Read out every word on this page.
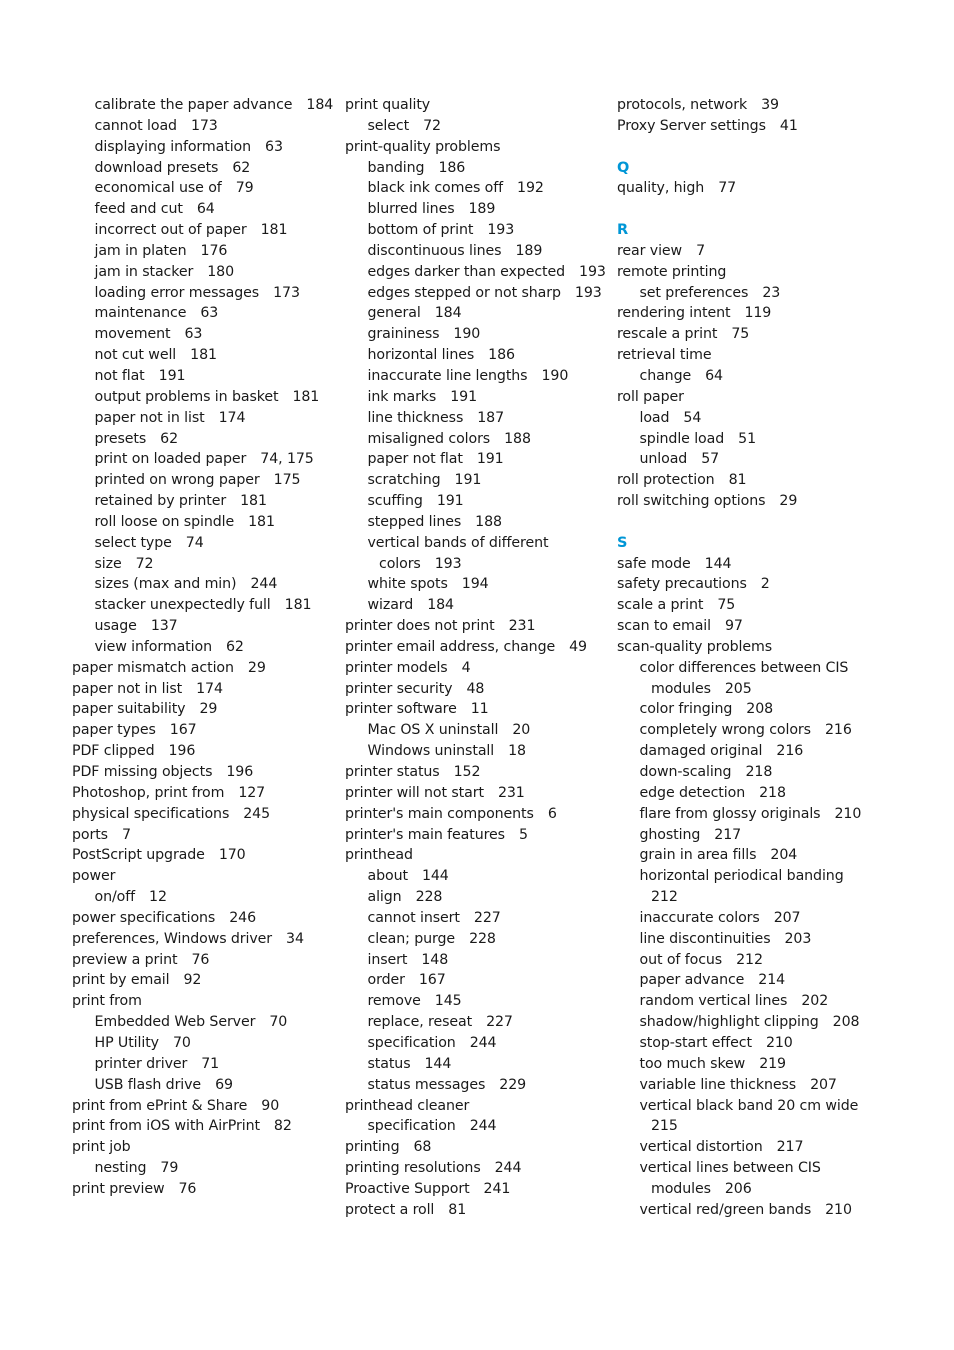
calibrate the paper advance 184
cannot load 173
displaying information 63
download presets 62
economical use of 79
feed and cut 64
incorrect out of paper 181
jam in platen 176
jam in stacker 180
loading error messages 173
maintenance 63
movement 63
not cut well 181
not flat 191
output problems in basket 181
paper not in list 174
presets 62
print on loaded paper 74, 175
printed on wrong paper 175
retained by printer 181
roll loose on spindle 181
select type 74
size 72
sizes (max and min) 244
stacker unexpectedly full 181
usage 137
view information 62
paper mismatch action 29
paper not in list 174
paper suitability 29
paper types 167
PDF clipped 196
PDF missing objects 196
Photoshop, print from 127
physical specifications 245
ports 7
PostScript upgrade 170
power
on/off 12
power specifications 246
preferences, Windows driver 34
preview a print 76
print by email 92
print from
Embedded Web Server 70
HP Utility 70
printer driver 71
USB flash drive 69
print from ePrint & Share 90
print from iOS with AirPrint 82
print job
nesting 79
print preview 76
print quality
select 72
print-quality problems
banding 186
black ink comes off 192
blurred lines 189
bottom of print 193
discontinuous lines 189
edges darker than expected 193
edges stepped or not sharp 193
general 184
graininess 190
horizontal lines 186
inaccurate line lengths 190
ink marks 191
line thickness 187
misaligned colors 188
paper not flat 191
scratching 191
scuffing 191
stepped lines 188
vertical bands of different
colors 193
white spots 194
wizard 184
printer does not print 231
printer email address, change 49
printer models 4
printer security 48
printer software 11
Mac OS X uninstall 20
Windows uninstall 18
printer status 152
printer will not start 231
printer's main components 6
printer's main features 5
printhead
about 144
align 228
cannot insert 227
clean; purge 228
insert 148
order 167
remove 145
replace, reseat 227
specification 244
status 144
status messages 229
printhead cleaner
specification 244
printing 68
printing resolutions 244
Proactive Support 241
protect a roll 81
protocols, network 39
Proxy Server settings 41
Q
quality, high 77
R
rear view 7
remote printing
set preferences 23
rendering intent 119
rescale a print 75
retrieval time
change 64
roll paper
load 54
spindle load 51
unload 57
roll protection 81
roll switching options 29
S
safe mode 144
safety precautions 2
scale a print 75
scan to email 97
scan-quality problems
color differences between CIS
modules 205
color fringing 208
completely wrong colors 216
damaged original 216
down-scaling 218
edge detection 218
flare from glossy originals 210
ghosting 217
grain in area fills 204
horizontal periodical banding
212
inaccurate colors 207
line discontinuities 203
out of focus 212
paper advance 214
random vertical lines 202
shadow/highlight clipping 208
stop-start effect 210
too much skew 219
variable line thickness 207
vertical black band 20 cm wide
215
vertical distortion 217
vertical lines between CIS
modules 206
vertical red/green bands 210
